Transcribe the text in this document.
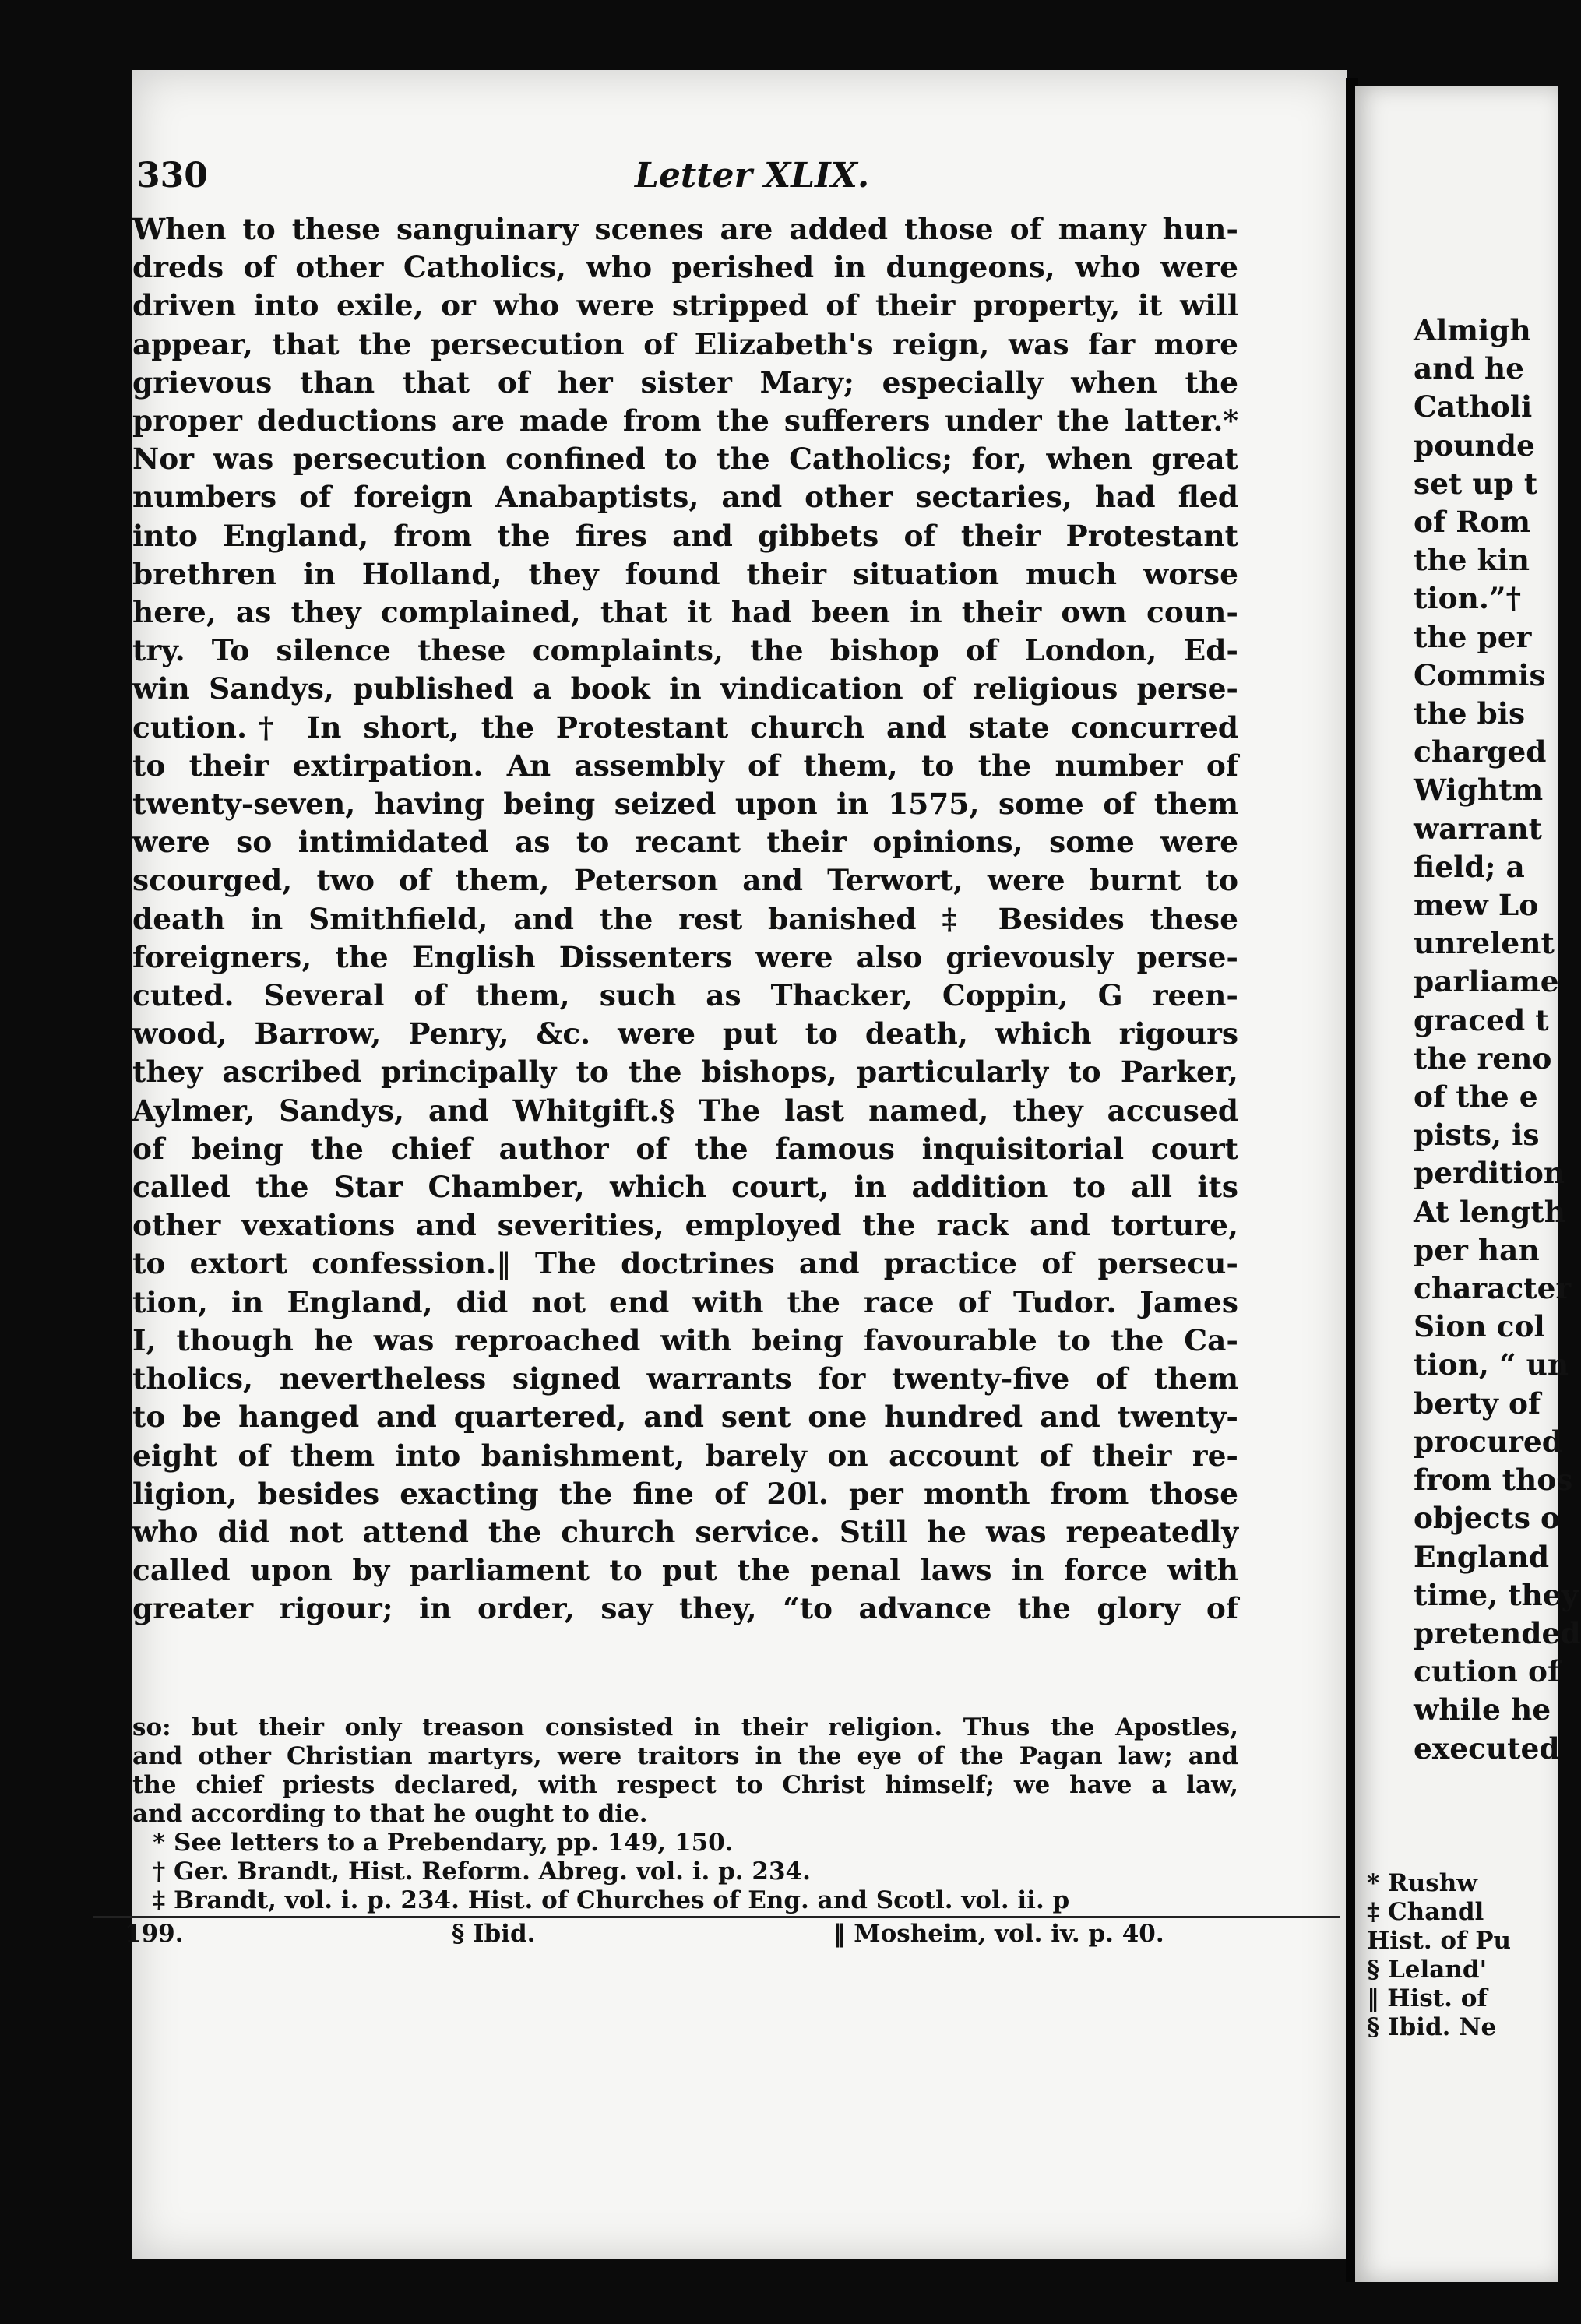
Almigh
and he
Catholi
pounde
set up t
of Rom
the kin
tion.”†
the per
Commis
the bis
charged
Wightm
warrant
field; a
mew Lo
unrelent
parliame
graced t
the reno
of the e
pists, is
perdition
At length
per han
character
Sion col
tion, “ un
berty of
procured
from thos
objects o
England
time, they
pretended
cution of
while he
executed
* Rushw
‡ Chandl
Hist. of Pu
§ Leland'
‖ Hist. of
§ Ibid. Ne
330	Letter XLIX.
When to these sanguinary scenes are added those of many hun-
dreds of other Catholics, who perished in dungeons, who were
driven into exile, or who were stripped of their property, it will
appear, that the persecution of Elizabeth's reign, was far more
grievous than that of her sister Mary; especially when the
proper deductions are made from the sufferers under the latter.*
Nor was persecution confined to the Catholics; for, when great
numbers of foreign Anabaptists, and other sectaries, had fled
into England, from the fires and gibbets of their Protestant
brethren in Holland, they found their situation much worse
here, as they complained, that it had been in their own coun-
try. To silence these complaints, the bishop of London, Ed-
win Sandys, published a book in vindication of religious perse-
cution.† In short, the Protestant church and state concurred
to their extirpation. An assembly of them, to the number of
twenty-seven, having being seized upon in 1575, some of them
were so intimidated as to recant their opinions, some were
scourged, two of them, Peterson and Terwort, were burnt to
death in Smithfield, and the rest banished ‡ Besides these
foreigners, the English Dissenters were also grievously perse-
cuted. Several of them, such as Thacker, Coppin, G reen-
wood, Barrow, Penry, &c. were put to death, which rigours
they ascribed principally to the bishops, particularly to Parker,
Aylmer, Sandys, and Whitgift.§ The last named, they accused
of being the chief author of the famous inquisitorial court
called the Star Chamber, which court, in addition to all its
other vexations and severities, employed the rack and torture,
to extort confession.‖ The doctrines and practice of persecu-
tion, in England, did not end with the race of Tudor. James
I, though he was reproached with being favourable to the Ca-
tholics, nevertheless signed warrants for twenty-five of them
to be hanged and quartered, and sent one hundred and twenty-
eight of them into banishment, barely on account of their re-
ligion, besides exacting the fine of 20l. per month from those
who did not attend the church service. Still he was repeatedly
called upon by parliament to put the penal laws in force with
greater rigour; in order, say they, “to advance the glory of
so: but their only treason consisted in their religion. Thus the Apostles,
and other Christian martyrs, were traitors in the eye of the Pagan law; and
the chief priests declared, with respect to Christ himself; we have a law,
and according to that he ought to die.
* See letters to a Prebendary, pp. 149, 150.
† Ger. Brandt, Hist. Reform. Abreg. vol. i. p. 234.
‡ Brandt, vol. i. p. 234. Hist. of Churches of Eng. and Scotl. vol. ii. p
199.	§ Ibid.	‖ Mosheim, vol. iv. p. 40.
